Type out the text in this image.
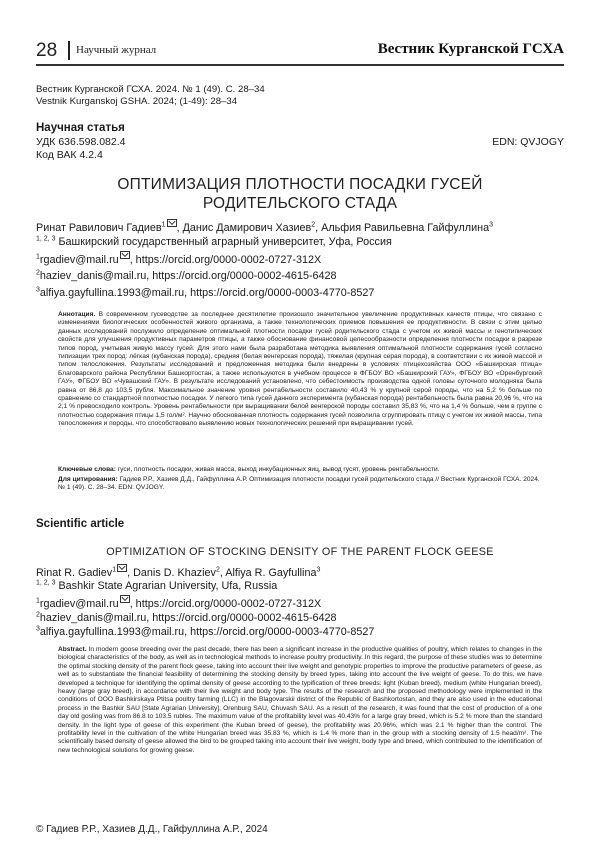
28 Научный журнал	Вестник Курганской ГСХА
Вестник Курганской ГСХА. 2024. № 1 (49). С. 28–34
Vestnik Kurganskoj GSHA. 2024; (1-49): 28–34
Научная статья
УДК 636.598.082.4	EDN: QVJOGY
Код ВАК 4.2.4
ОПТИМИЗАЦИЯ ПЛОТНОСТИ ПОСАДКИ ГУСЕЙ
РОДИТЕЛЬСКОГО СТАДА
Ринат Равилович Гадиев1 , Данис Дамирович Хазиев2, Альфия Равильевна Гайфуллина3
1, 2, 3 Башкирский государственный аграрный университет, Уфа, Россия
1rgadiev@mail.ru , https://orcid.org/0000-0002-0727-312X
2haziev_danis@mail.ru, https://orcid.org/0000-0002-4615-6428
3alfiya.gayfullina.1993@mail.ru, https://orcid.org/0000-0003-4770-8527
Аннотация. В современном гусеводстве за последнее десятилетие произошло значительное увеличение продуктивных качеств птицы, что связано с изменениями биологических особенностей живого организма, а также технологических приемов повышения ее продуктивности. В связи с этим целью данных исследований послужило определение оптимальной плотности посадки гусей родительского стада с учетом их живой массы и генотипических свойств для улучшения продуктивных параметров птицы, а также обоснование финансовой целесообразности определения плотности посадки в разрезе типов пород, учитывая живую массу гусей. Для этого нами была разработана методика выявления оптимальной плотности содержания гусей согласно типизации трех пород: лёгкая (кубанская порода), средняя (белая венгерская порода), тяжелая (крупная серая порода), в соответствии с их живой массой и типом телосложения. Результаты исследований и предложенная методика были внедрены в условиях птицехозяйства ООО «Башкирская птица» Благоварского района Республики Башкортостан, а также используются в учебном процессе в ФГБОУ ВО «Башкирский ГАУ», ФГБОУ ВО «Оренбургский ГАУ», ФГБОУ ВО «Чувашский ГАУ». В результате исследований установлено, что себестоимость производства одной головы суточного молодняка была равна от 86,8 до 103,5 рубля. Максимальное значение уровня рентабельности составило 40,43 % у крупной серой породы, что на 5,2 % больше по сравнению со стандартной плотностью посадки. У легкого типа гусей данного эксперимента (кубанская порода) рентабельность была равна 20,96 %, что на 2,1 % превосходило контроль. Уровень рентабельности при выращивании белой венгерской породы составил 35,83 %, что на 1,4 % больше, чем в группе с плотностью содержания птицы 1,5 гол/м². Научно обоснованная плотность содержания гусей позволила сгруппировать птицу с учетом их живой массы, типа телосложения и породы, что способствовало выявлению новых технологических решений при выращивании гусей.
Ключевые слова: гуси, плотность посадки, живая масса, выход инкубационных яиц, вывод гусят, уровень рентабельности.
Для цитирования: Гадиев Р.Р., Хазиев Д.Д., Гайфуллина А.Р. Оптимизация плотности посадки гусей родительского стада // Вестник Курганской ГСХА. 2024. № 1 (49). С. 28–34. EDN: QVJOGY.
Scientific article
OPTIMIZATION OF STOCKING DENSITY OF THE PARENT FLOCK GEESE
Rinat R. Gadiev1 , Danis D. Khaziev2, Alfiya R. Gayfullina3
1, 2, 3 Bashkir State Agrarian University, Ufa, Russia
1rgadiev@mail.ru , https://orcid.org/0000-0002-0727-312X
2haziev_danis@mail.ru, https://orcid.org/0000-0002-4615-6428
3alfiya.gayfullina.1993@mail.ru, https://orcid.org/0000-0003-4770-8527
Abstract. In modern goose breeding over the past decade, there has been a significant increase in the productive qualities of poultry, which relates to changes in the biological characteristics of the body, as well as in technological methods to increase poultry productivity. In this regard, the purpose of these studies was to determine the optimal stocking density of the parent flock geese, taking into account their live weight and genotypic properties to improve the productive parameters of geese, as well as to substantiate the financial feasibility of determining the stocking density by breed types, taking into account the live weight of geese. To do this, we have developed a technique for identifying the optimal density of geese according to the typification of three breeds: light (Kuban breed), medium (white Hungarian breed), heavy (large gray breed), in accordance with their live weight and body type. The results of the research and the proposed methodology were implemented in the conditions of OOO Bashkirskaya Ptitsa poultry farming (LLC) in the Blagovarskii district of the Republic of Bashkortostan, and they are also used in the educational process in the Bashkir SAU [State Agrarian University], Orenburg SAU, Chuvash SAU. As a result of the research, it was found that the cost of production of a one day old gosling was from 86.8 to 103.5 rubles. The maximum value of the profitability level was 40.43% for a large gray breed, which is 5.2 % more than the standard density. In the light type of geese of this experiment (the Kuban breed of geese), the profitability was 20.96%, which was 2.1 % higher than the control. The profitability level in the cultivation of the white Hungarian breed was 35.83 %, which is 1.4 % more than in the group with a stocking density of 1.5 head/m². The scientifically based density of geese allowed the bird to be grouped taking into account their live weight, body type and breed, which contributed to the identification of new technological solutions for growing geese.
© Гадиев Р.Р., Хазиев Д.Д., Гайфуллина А.Р., 2024
